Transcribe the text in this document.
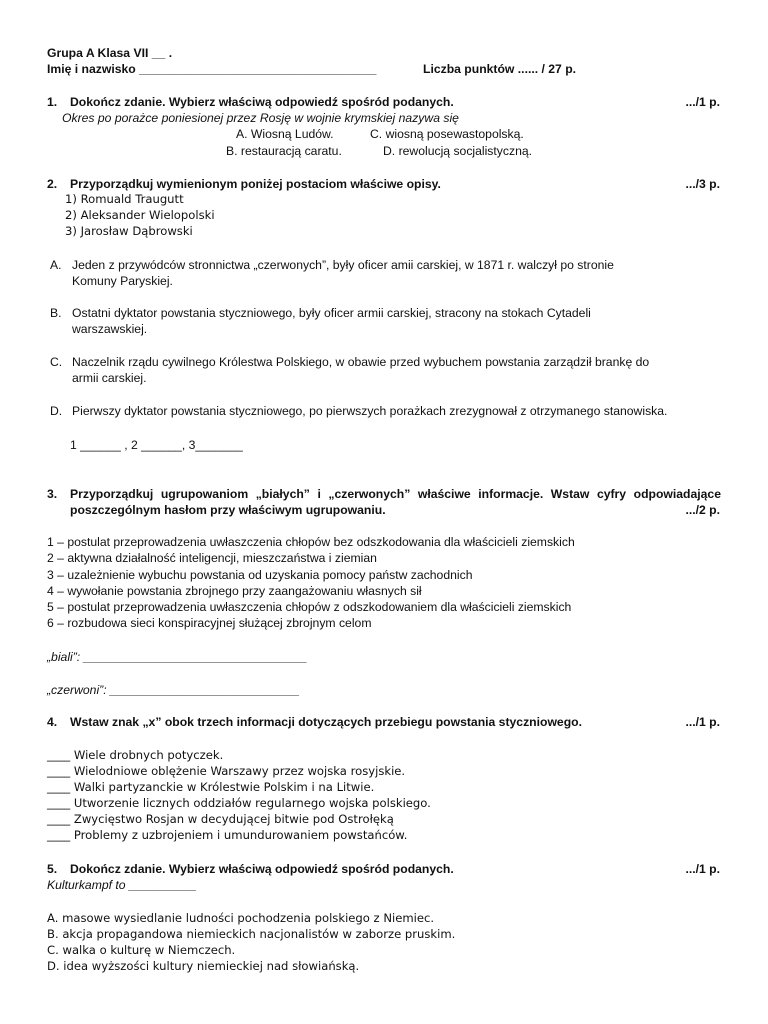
Grupa A Klasa VII __ .
Imię i nazwisko ___________________________________	Liczba punktów ...... / 27 p.
1. Dokończ zdanie. Wybierz właściwą odpowiedź spośród podanych.	.../1 p.
Okres po porażce poniesionej przez Rosję w wojnie krymskiej nazywa się
A. Wiosną Ludów.	C. wiosną posewastopolską.
B. restauracją caratu.	D. rewolucją socjalistyczną.
2. Przyporządkuj wymienionym poniżej postaciom właściwe opisy.	.../3 p.
1) Romuald Traugutt
2) Aleksander Wielopolski
3) Jarosław Dąbrowski
A. Jeden z przywódców stronnictwa „czerwonych”, były oficer amii carskiej, w 1871 r. walczył po stronie Komuny Paryskiej.
B. Ostatni dyktator powstania styczniowego, były oficer armii carskiej, stracony na stokach Cytadeli warszawskiej.
C. Naczelnik rządu cywilnego Królestwa Polskiego, w obawie przed wybuchem powstania zarządził brankę do armii carskiej.
D. Pierwszy dyktator powstania styczniowego, po pierwszych porażkach zrezygnował z otrzymanego stanowiska.
1 ______ , 2 ______, 3_______
3. Przyporządkuj ugrupowaniom „białych” i „czerwonych” właściwe informacje. Wstaw cyfry odpowiadające poszczególnym hasłom przy właściwym ugrupowaniu.	.../2 p.
1 – postulat przeprowadzenia uwłaszczenia chłopów bez odszkodowania dla właścicieli ziemskich
2 – aktywna działalność inteligencji, mieszczaństwa i ziemian
3 – uzależnienie wybuchu powstania od uzyskania pomocy państw zachodnich
4 – wywołanie powstania zbrojnego przy zaangażowaniu własnych sił
5 – postulat przeprowadzenia uwłaszczenia chłopów z odszkodowaniem dla właścicieli ziemskich
6 – rozbudowa sieci konspiracyjnej służącej zbrojnym celom
„biali”: _________________________________
„czerwoni”: ____________________________
4. Wstaw znak „x” obok trzech informacji dotyczących przebiegu powstania styczniowego.	.../1 p.
____ Wiele drobnych potyczek.
____ Wielodniowe oblężenie Warszawy przez wojska rosyjskie.
____ Walki partyzanckie w Królestwie Polskim i na Litwie.
____ Utworzenie licznych oddziałów regularnego wojska polskiego.
____ Zwycięstwo Rosjan w decydującej bitwie pod Ostrołęką
____ Problemy z uzbrojeniem i umundurowaniem powstańców.
5. Dokończ zdanie. Wybierz właściwą odpowiedź spośród podanych.	.../1 p.
Kulturkampf to __________
A. masowe wysiedlanie ludności pochodzenia polskiego z Niemiec.
B. akcja propagandowa niemieckich nacjonalistów w zaborze pruskim.
C. walka o kulturę w Niemczech.
D. idea wyższości kultury niemieckiej nad słowiańską.
